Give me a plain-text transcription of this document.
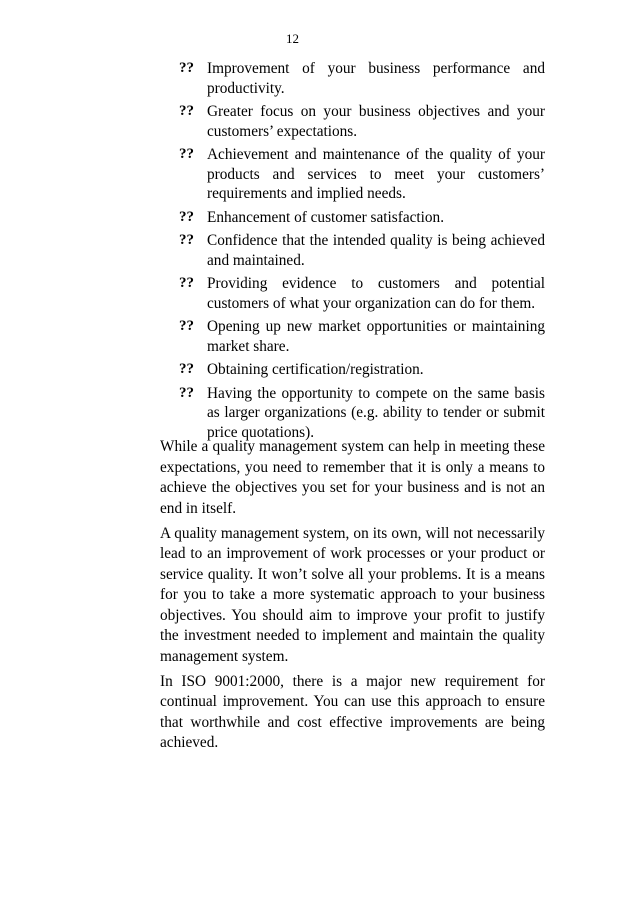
12
?? Improvement of your business performance and productivity.
?? Greater focus on your business objectives and your customers’ expectations.
?? Achievement and maintenance of the quality of your products and services to meet your customers’ requirements and implied needs.
?? Enhancement of customer satisfaction.
?? Confidence that the intended quality is being achieved and maintained.
?? Providing evidence to customers and potential customers of what your organization can do for them.
?? Opening up new market opportunities or maintaining market share.
?? Obtaining certification/registration.
?? Having the opportunity to compete on the same basis as larger organizations (e.g. ability to tender or submit price quotations).

While a quality management system can help in meeting these expectations, you need to remember that it is only a means to achieve the objectives you set for your business and is not an end in itself.

A quality management system, on its own, will not necessarily lead to an improvement of work processes or your product or service quality. It won’t solve all your problems. It is a means for you to take a more systematic approach to your business objectives. You should aim to improve your profit to justify the investment needed to implement and maintain the quality management system.

In ISO 9001:2000, there is a major new requirement for continual improvement. You can use this approach to ensure that worthwhile and cost effective improvements are being achieved.
